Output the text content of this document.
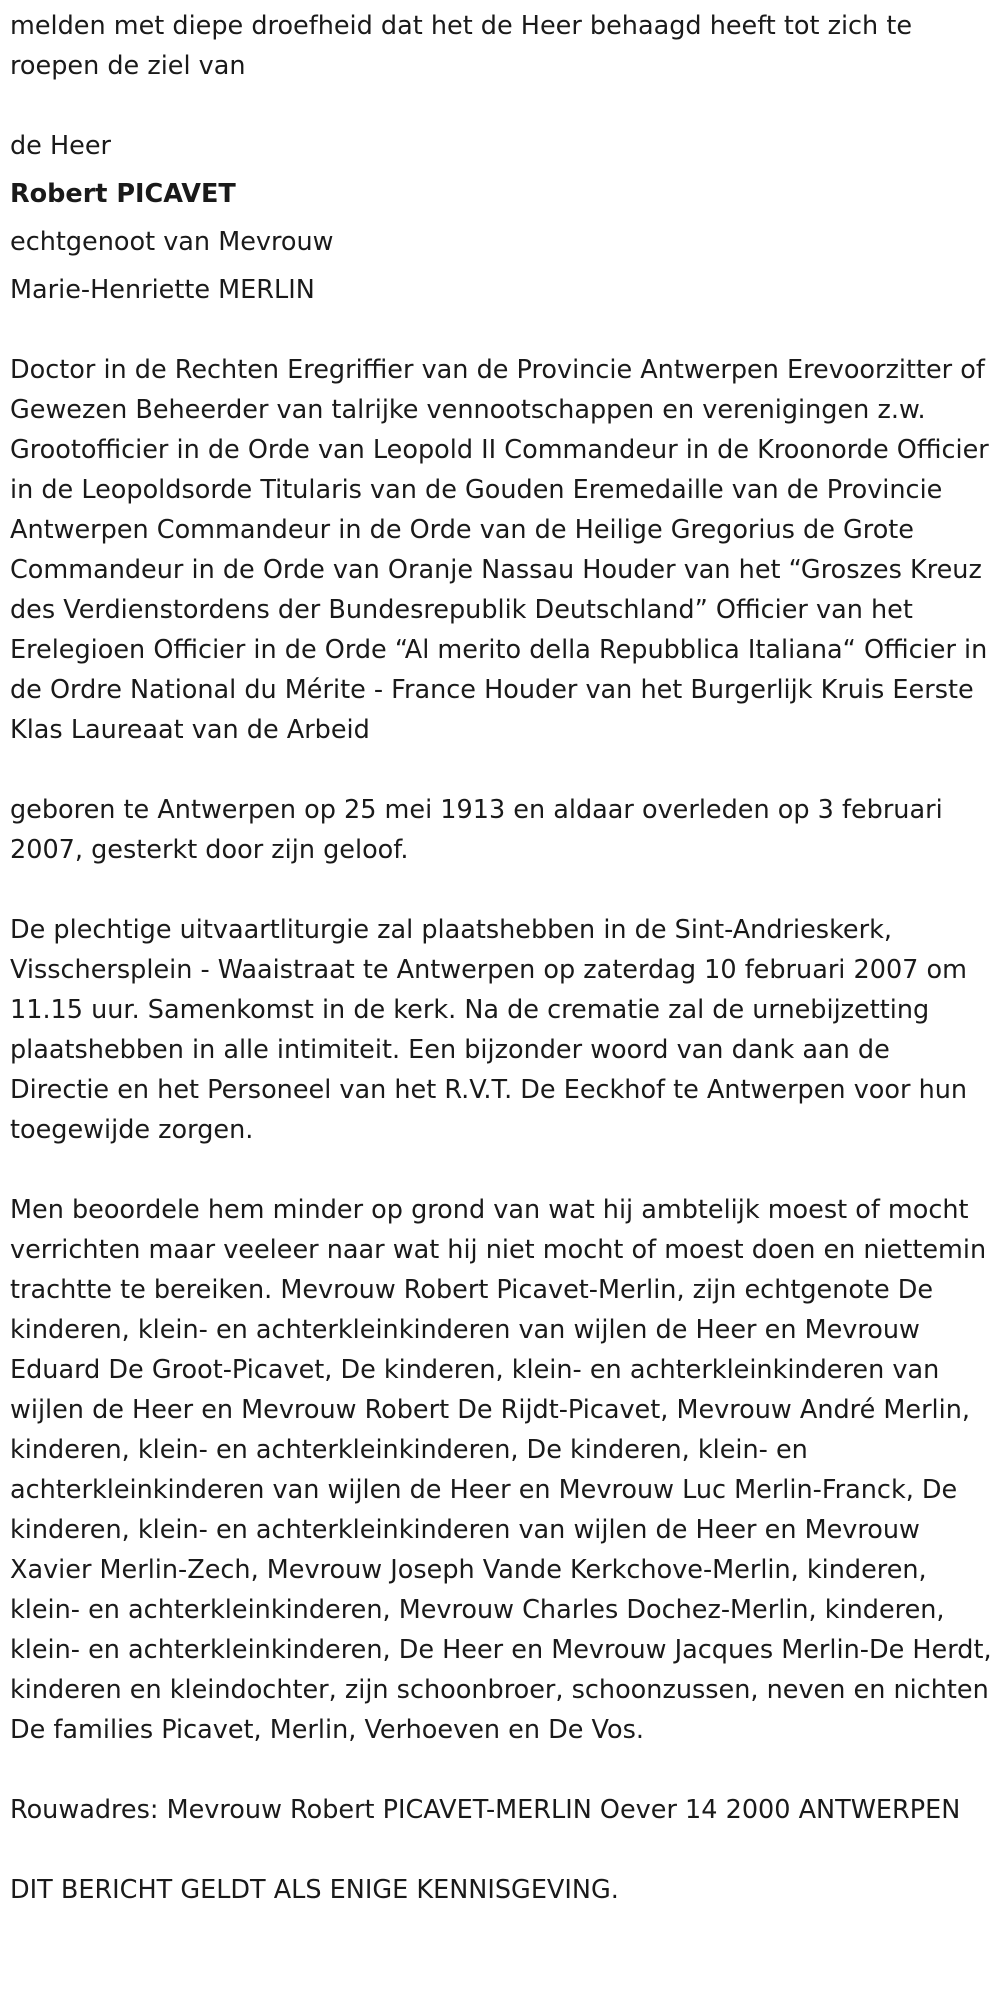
melden met diepe droefheid dat het de Heer behaagd heeft tot zich te roepen de ziel van

de Heer

Robert PICAVET

echtgenoot van Mevrouw

Marie-Henriette MERLIN

Doctor in de Rechten Eregriffier van de Provincie Antwerpen Erevoorzitter of Gewezen Beheerder van talrijke vennootschappen en verenigingen z.w. Grootofficier in de Orde van Leopold II Commandeur in de Kroonorde Officier in de Leopoldsorde Titularis van de Gouden Eremedaille van de Provincie Antwerpen Commandeur in de Orde van de Heilige Gregorius de Grote Commandeur in de Orde van Oranje Nassau Houder van het “Groszes Kreuz des Verdienstordens der Bundesrepublik Deutschland” Officier van het Erelegioen Officier in de Orde “Al merito della Repubblica Italiana“ Officier in de Ordre National du Mérite - France Houder van het Burgerlijk Kruis Eerste Klas Laureaat van de Arbeid

geboren te Antwerpen op 25 mei 1913 en aldaar overleden op 3 februari 2007, gesterkt door zijn geloof.

De plechtige uitvaartliturgie zal plaatshebben in de Sint-Andrieskerk, Visschersplein - Waaistraat te Antwerpen op zaterdag 10 februari 2007 om 11.15 uur. Samenkomst in de kerk. Na de crematie zal de urnebijzetting plaatshebben in alle intimiteit. Een bijzonder woord van dank aan de Directie en het Personeel van het R.V.T. De Eeckhof te Antwerpen voor hun toegewijde zorgen.

Men beoordele hem minder op grond van wat hij ambtelijk moest of mocht verrichten maar veeleer naar wat hij niet mocht of moest doen en niettemin trachtte te bereiken. Mevrouw Robert Picavet-Merlin, zijn echtgenote De kinderen, klein- en achterkleinkinderen van wijlen de Heer en Mevrouw Eduard De Groot-Picavet, De kinderen, klein- en achterkleinkinderen van wijlen de Heer en Mevrouw Robert De Rijdt-Picavet, Mevrouw André Merlin, kinderen, klein- en achterkleinkinderen, De kinderen, klein- en achterkleinkinderen van wijlen de Heer en Mevrouw Luc Merlin-Franck, De kinderen, klein- en achterkleinkinderen van wijlen de Heer en Mevrouw Xavier Merlin-Zech, Mevrouw Joseph Vande Kerkchove-Merlin, kinderen, klein- en achterkleinkinderen, Mevrouw Charles Dochez-Merlin, kinderen, klein- en achterkleinkinderen, De Heer en Mevrouw Jacques Merlin-De Herdt, kinderen en kleindochter, zijn schoonbroer, schoonzussen, neven en nichten De families Picavet, Merlin, Verhoeven en De Vos.

Rouwadres: Mevrouw Robert PICAVET-MERLIN Oever 14 2000 ANTWERPEN

DIT BERICHT GELDT ALS ENIGE KENNISGEVING.
